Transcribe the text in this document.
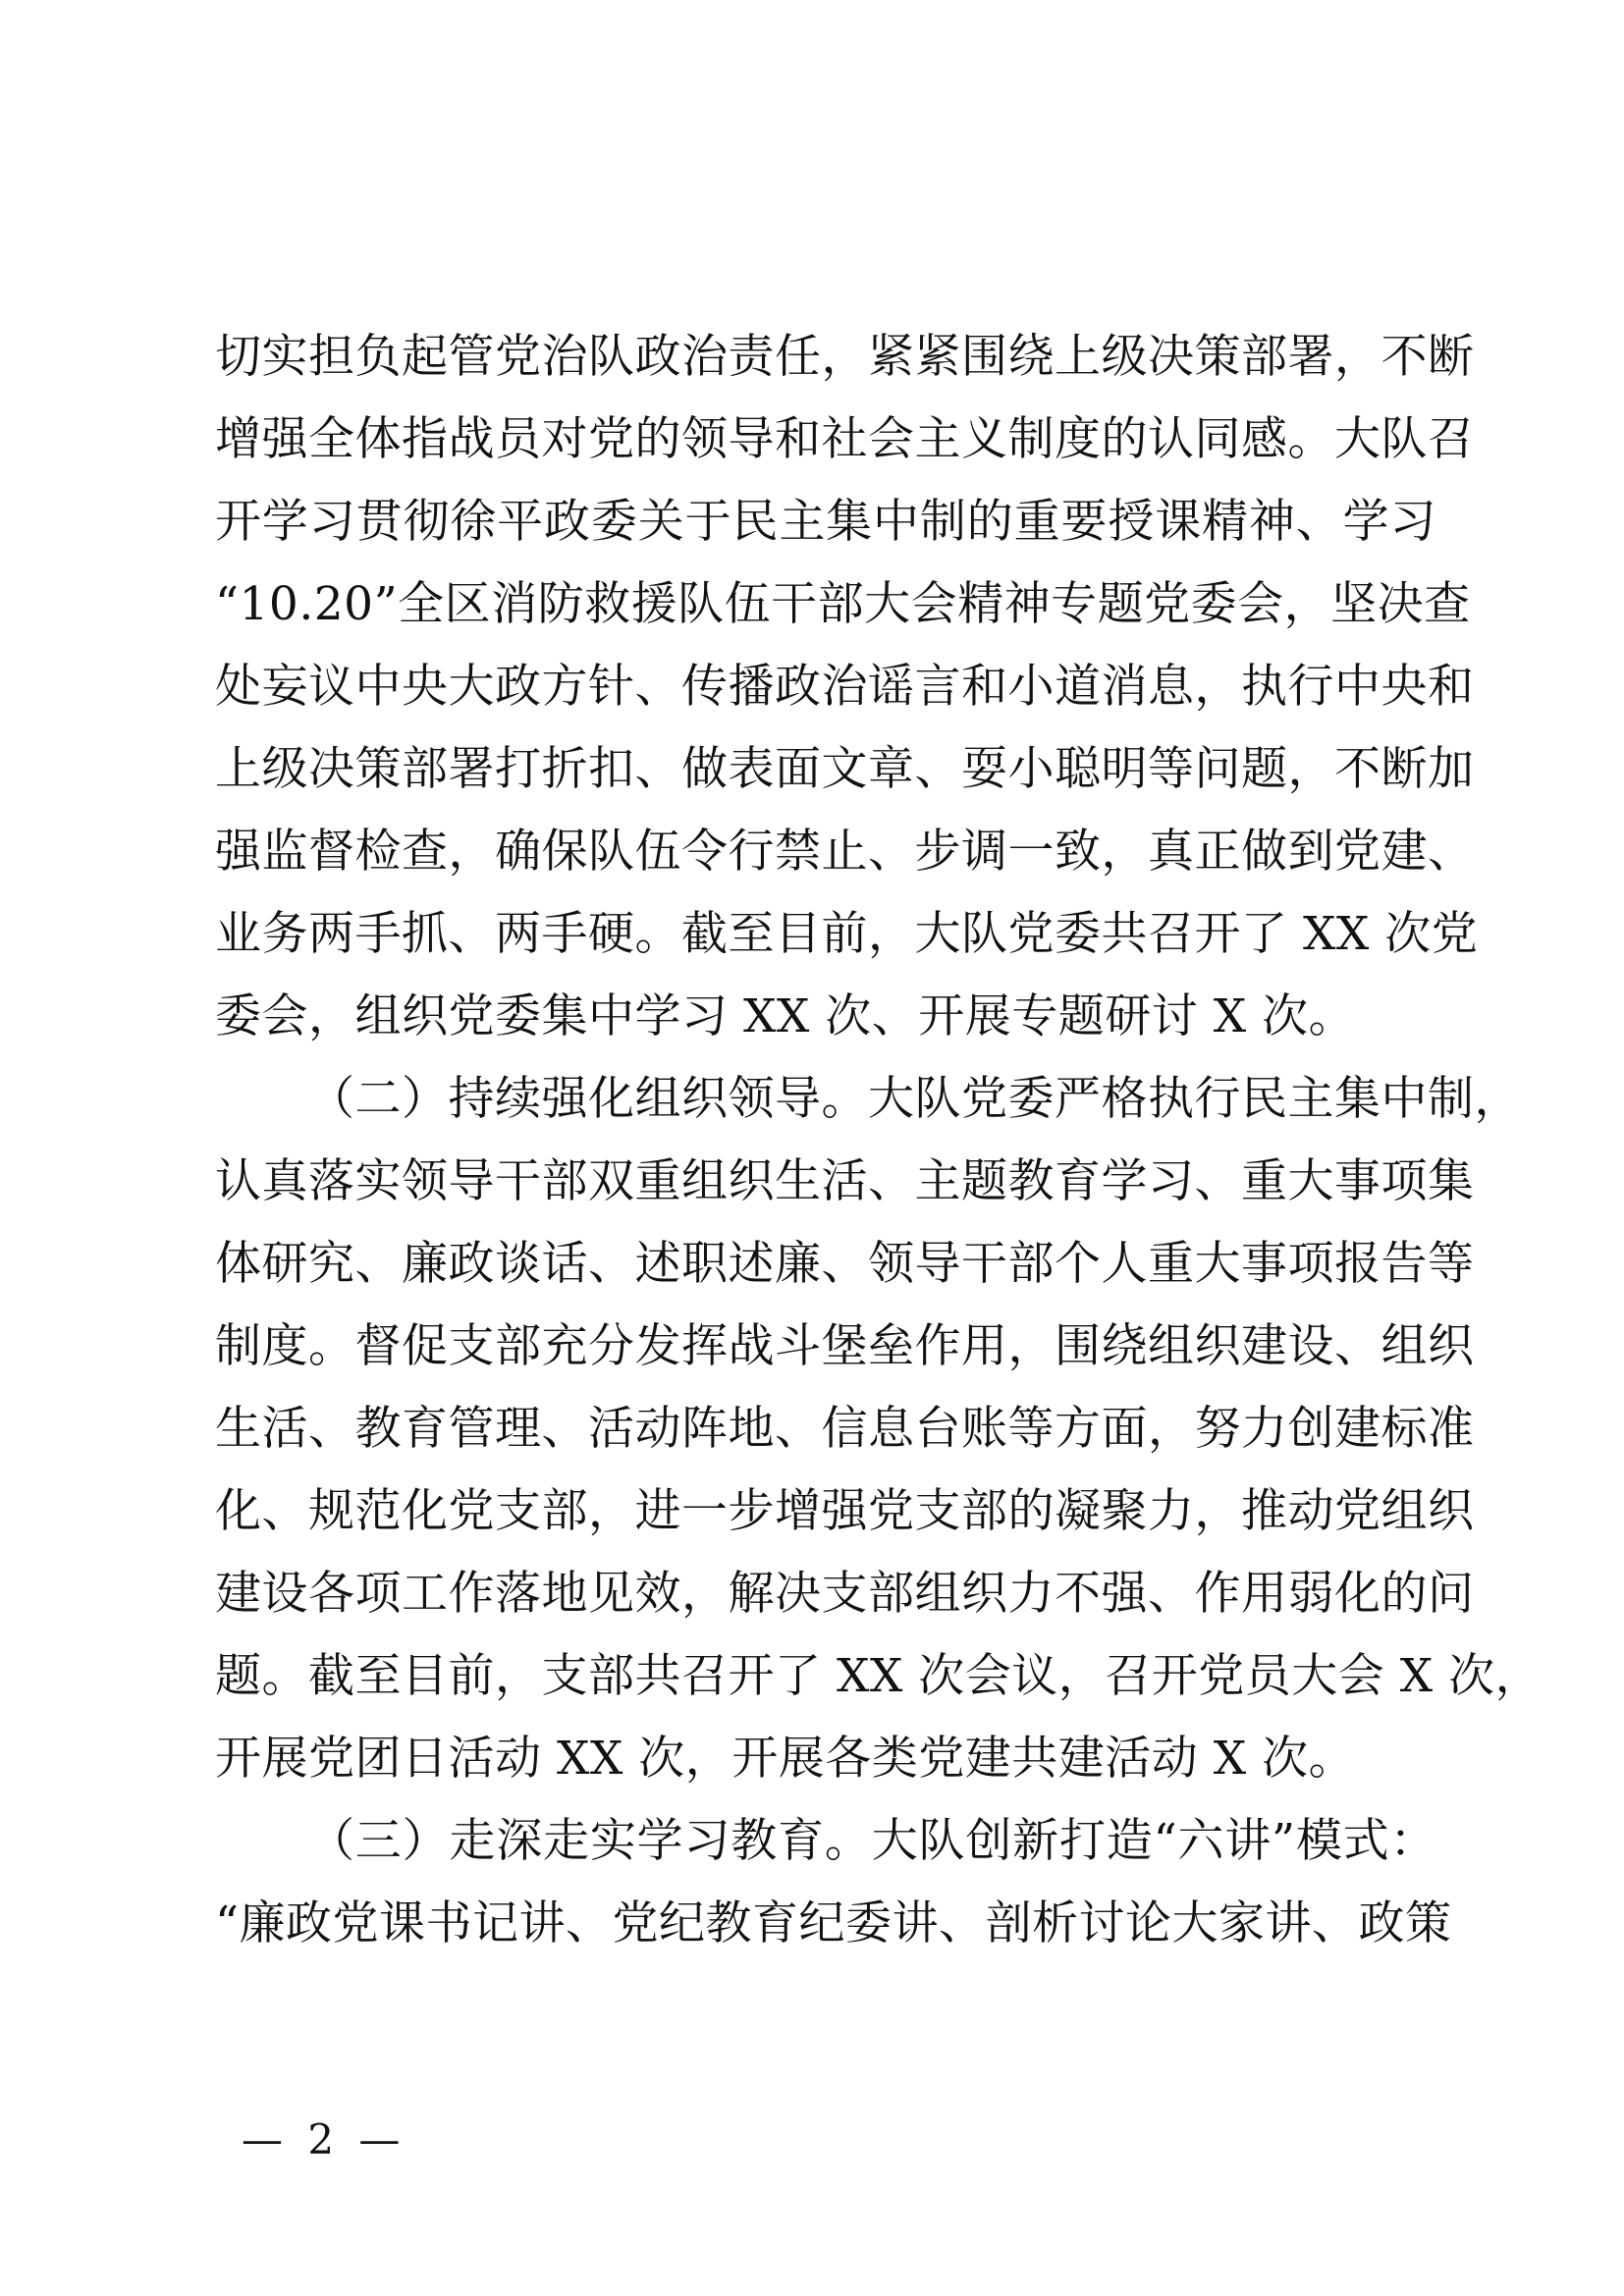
切实担负起管党治队政治责任，紧紧围绕上级决策部署，不断
增强全体指战员对党的领导和社会主义制度的认同感。大队召
开学习贯彻徐平政委关于民主集中制的重要授课精神、学习
“10.20”全区消防救援队伍干部大会精神专题党委会，坚决查
处妄议中央大政方针、传播政治谣言和小道消息，执行中央和
上级决策部署打折扣、做表面文章、耍小聪明等问题，不断加
强监督检查，确保队伍令行禁止、步调一致，真正做到党建、
业务两手抓、两手硬。截至目前，大队党委共召开了 XX 次党
委会，组织党委集中学习 XX 次、开展专题研讨 X 次。
（二）持续强化组织领导。大队党委严格执行民主集中制，
认真落实领导干部双重组织生活、主题教育学习、重大事项集
体研究、廉政谈话、述职述廉、领导干部个人重大事项报告等
制度。督促支部充分发挥战斗堡垒作用，围绕组织建设、组织
生活、教育管理、活动阵地、信息台账等方面，努力创建标准
化、规范化党支部，进一步增强党支部的凝聚力，推动党组织
建设各项工作落地见效，解决支部组织力不强、作用弱化的问
题。截至目前，支部共召开了 XX 次会议，召开党员大会 X 次，
开展党团日活动 XX 次，开展各类党建共建活动 X 次。
（三）走深走实学习教育。大队创新打造“六讲”模式：
“廉政党课书记讲、党纪教育纪委讲、剖析讨论大家讲、政策
— 2 —
